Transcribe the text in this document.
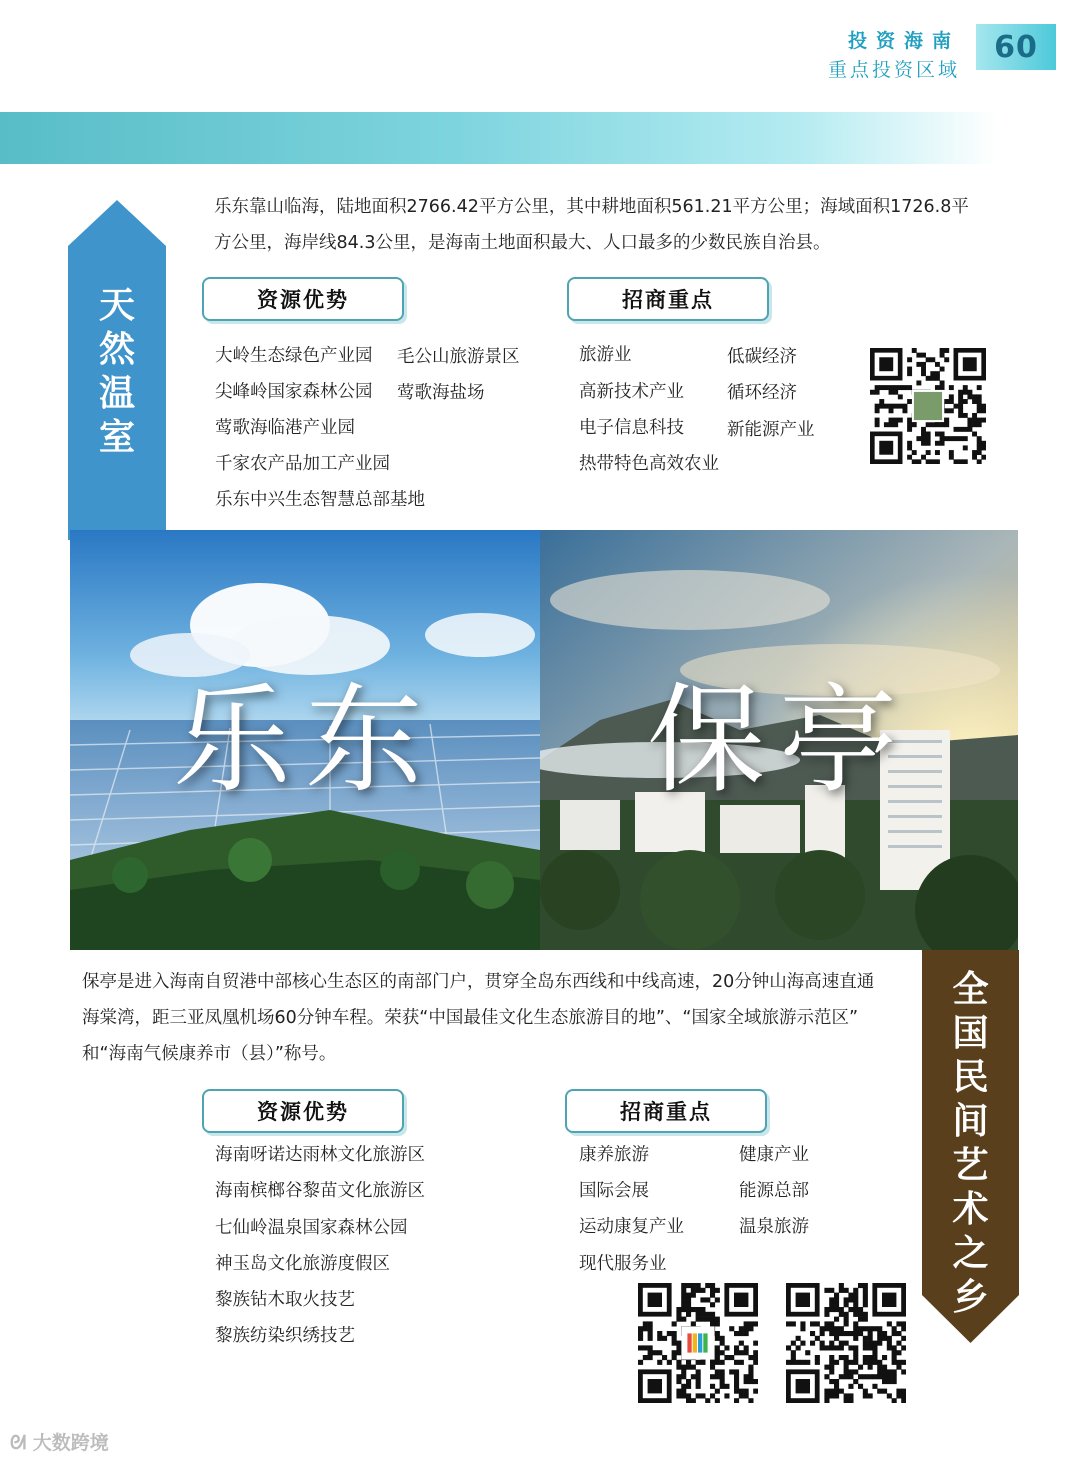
投资海南
重点投资区域
60
天
然
温
室
乐东靠山临海，陆地面积2766.42平方公里，其中耕地面积561.21平方公里；海域面积1726.8平
方公里，海岸线84.3公里，是海南土地面积最大、人口最多的少数民族自治县。
资源优势	招商重点
大岭生态绿色产业园 毛公山旅游景区
尖峰岭国家森林公园 莺歌海盐场
莺歌海临港产业园
千家农产品加工产业园
乐东中兴生态智慧总部基地
旅游业	低碳经济
高新技术产业 循环经济
电子信息科技 新能源产业
热带特色高效农业
乐东	保亭
全
国
民
间
艺
术
之
乡
保亭是进入海南自贸港中部核心生态区的南部门户，贯穿全岛东西线和中线高速，20分钟山海高速直通
海棠湾，距三亚凤凰机场60分钟车程。荣获“中国最佳文化生态旅游目的地”、“国家全域旅游示范区”
和“海南气候康养市（县）”称号。
资源优势	招商重点
海南呀诺达雨林文化旅游区
海南槟榔谷黎苗文化旅游区
七仙岭温泉国家森林公园
神玉岛文化旅游度假区
黎族钻木取火技艺
黎族纺染织绣技艺
康养旅游	健康产业
国际会展	能源总部
运动康复产业	温泉旅游
现代服务业
ᘛ 大数跨境
